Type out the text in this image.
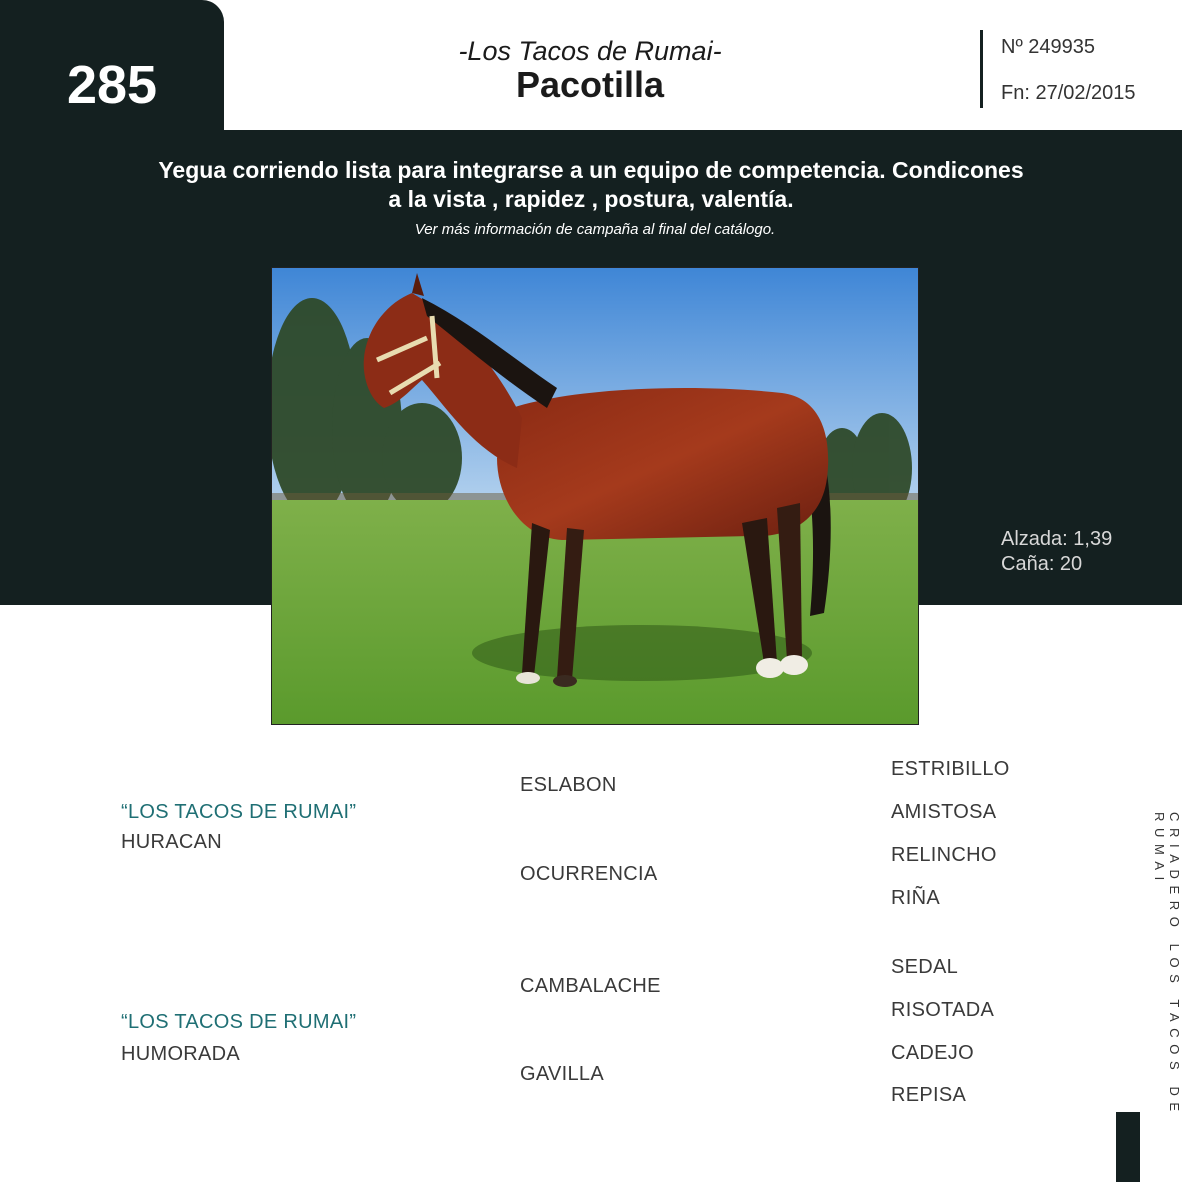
285
-Los Tacos de Rumai-
Pacotilla
Nº 249935
Fn: 27/02/2015
Yegua corriendo lista para integrarse a un equipo de competencia. Condicones
a la vista , rapidez , postura, valentía.
Ver más información de campaña al final del catálogo.
Alzada: 1,39
Caña: 20
“LOS TACOS DE RUMAI”
HURACAN
“LOS TACOS DE RUMAI”
HUMORADA
ESLABON
OCURRENCIA
CAMBALACHE
GAVILLA
ESTRIBILLO
AMISTOSA
RELINCHO
RIÑA
SEDAL
RISOTADA
CADEJO
REPISA	CRIADERO LOS TACOS DE RUMAI
